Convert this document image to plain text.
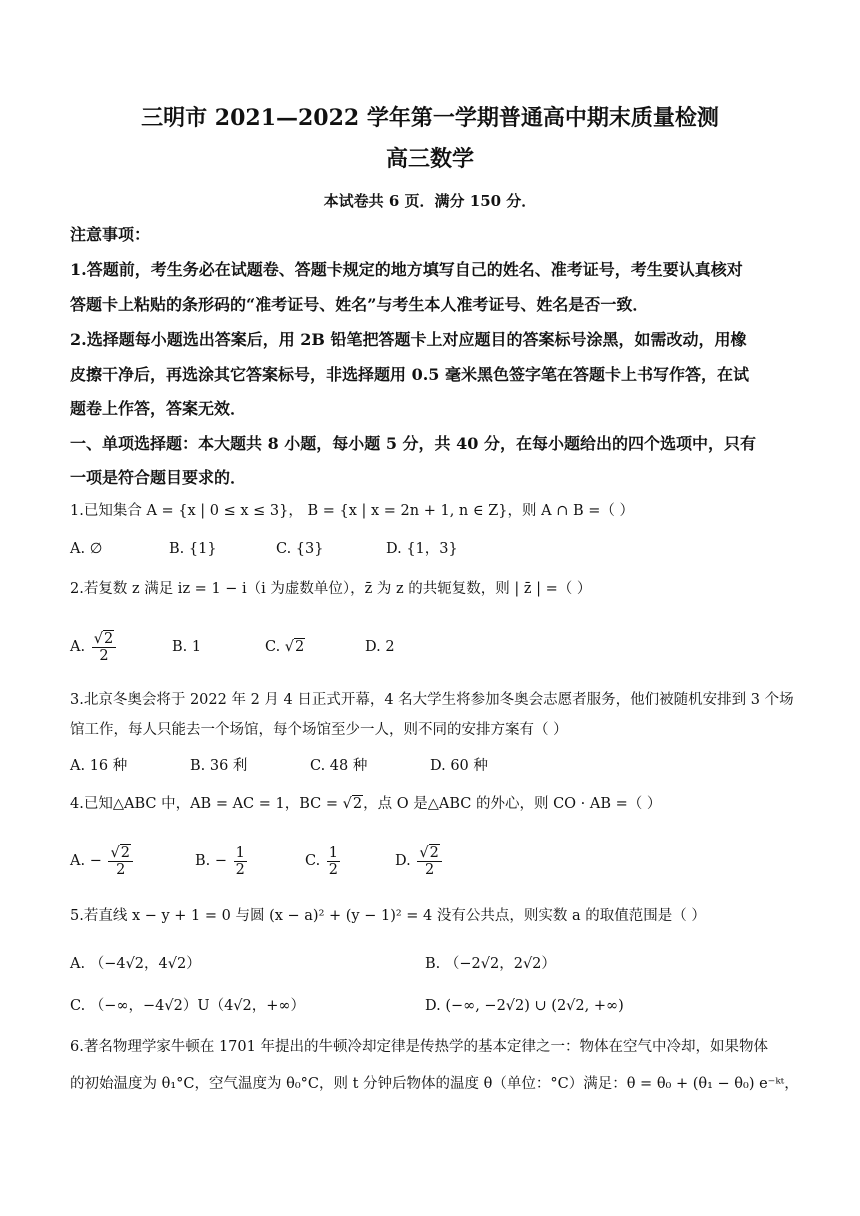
三明市 2021—2022 学年第一学期普通高中期末质量检测
高三数学
本试卷共 6 页．满分 150 分．
注意事项：
1.答题前，考生务必在试题卷、答题卡规定的地方填写自己的姓名、准考证号，考生要认真核对
答题卡上粘贴的条形码的“准考证号、姓名”与考生本人准考证号、姓名是否一致．
2.选择题每小题选出答案后，用 2B 铅笔把答题卡上对应题目的答案标号涂黑，如需改动，用橡
皮擦干净后，再选涂其它答案标号，非选择题用 0.5 毫米黑色签字笔在答题卡上书写作答，在试
题卷上作答，答案无效．
一、单项选择题：本大题共 8 小题，每小题 5 分，共 40 分，在每小题给出的四个选项中，只有
一项是符合题目要求的．
1.已知集合 A = {x | 0 ≤ x ≤ 3}， B = {x | x = 2n + 1, n ∈ Z}，则 A ∩ B =（ ）
A. ∅	B. {1}	C. {3}	D. {1，3}
2.若复数 z 满足 iz = 1 − i（i 为虚数单位），z̄ 为 z 的共轭复数，则 | z̄ | =（ ）
A. $\frac{√2}{2}$	B. 1	C. √2	D. 2
3.北京冬奥会将于 2022 年 2 月 4 日正式开幕，4 名大学生将参加冬奥会志愿者服务，他们被随机安排到 3 个场
馆工作，每人只能去一个场馆，每个场馆至少一人，则不同的安排方案有（ ）
A. 16 种	B. 36 利	C. 48 种	D. 60 种
4.已知△ABC 中，AB = AC = 1，BC = √2，点 O 是△ABC 的外心，则 CO · AB =（ ）
A. − $\frac{√2}{2}$	B. − $\frac{1}{2}$	C. $\frac{1}{2}$	D. $\frac{√2}{2}$
5.若直线 x − y + 1 = 0 与圆 (x − a)² + (y − 1)² = 4 没有公共点，则实数 a 的取值范围是（ ）
A. （−4√2，4√2）	B. （−2√2，2√2）
C. （−∞，−4√2）U（4√2，+∞）	D. (−∞, −2√2) ∪ (2√2, +∞)
6.著名物理学家牛顿在 1701 年提出的牛顿冷却定律是传热学的基本定律之一：物体在空气中冷却，如果物体
的初始温度为 θ₁°C，空气温度为 θ₀°C，则 t 分钟后物体的温度 θ（单位：°C）满足：θ = θ₀ + (θ₁ − θ₀) e⁻ᵏᵗ，
